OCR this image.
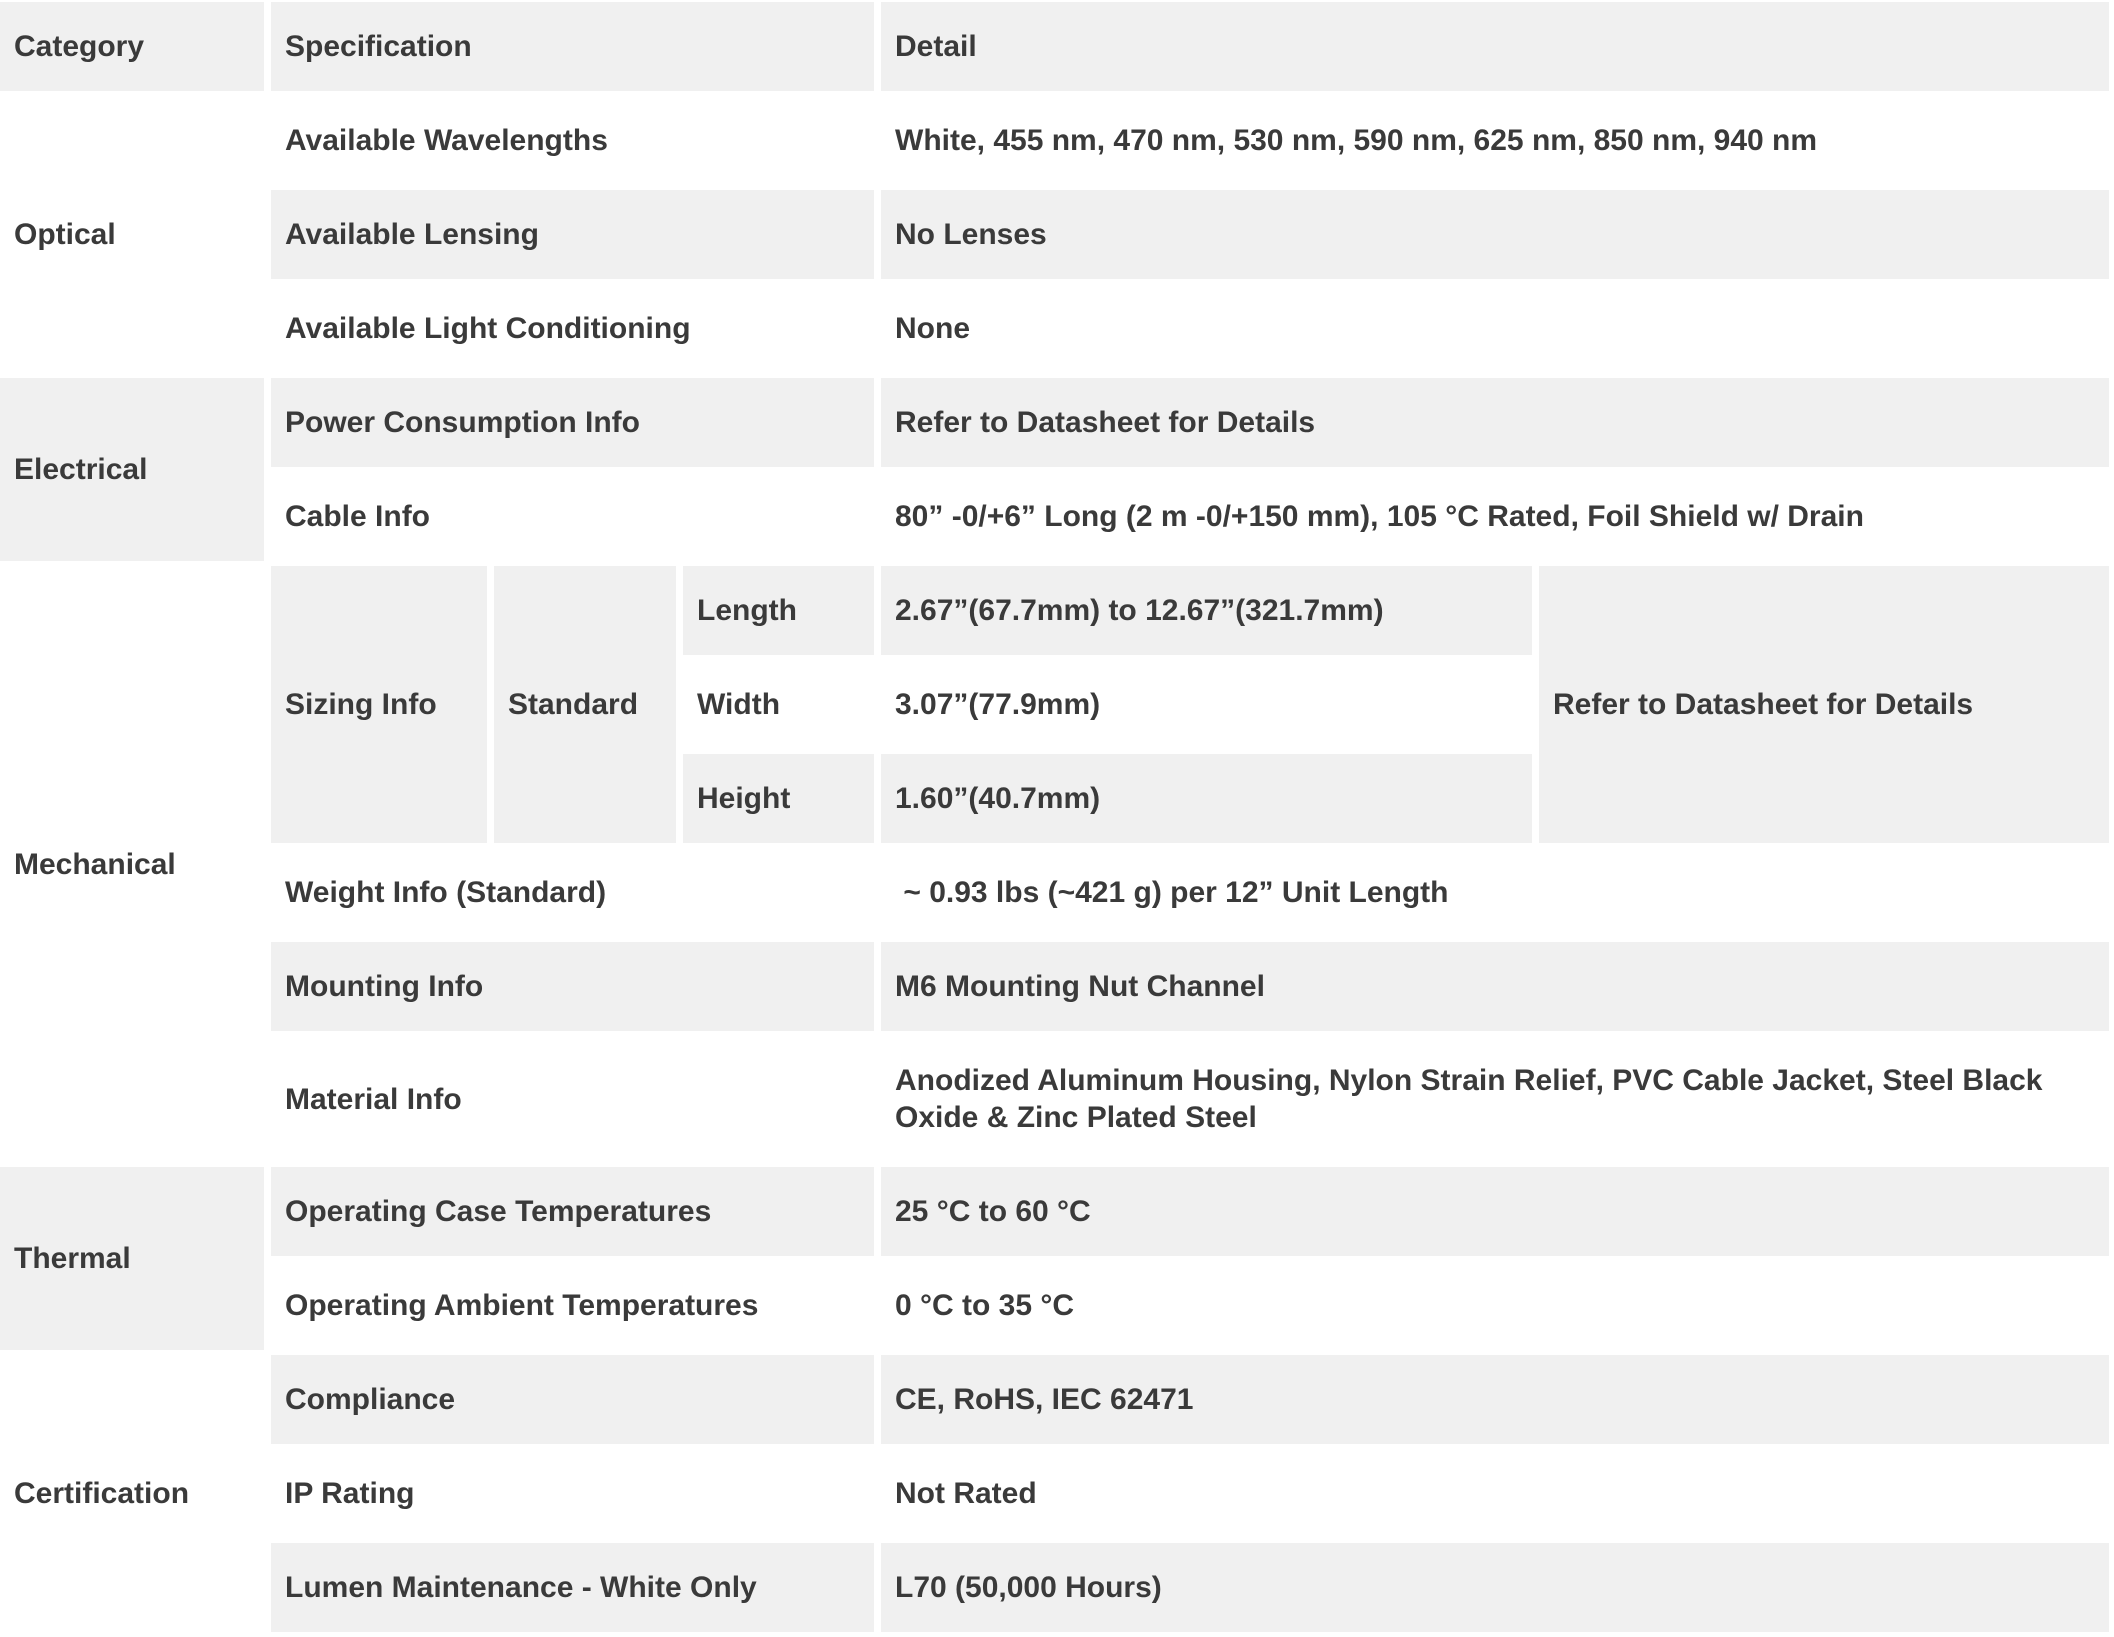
Category	Specification			Detail	
Optical	Available Wavelengths			White, 455 nm, 470 nm, 530 nm, 590 nm, 625 nm, 850 nm, 940 nm	
	Available Lensing			No Lenses	
	Available Light Conditioning			None	
Electrical	Power Consumption Info			Refer to Datasheet for Details	
	Cable Info			80” -0/+6” Long (2 m -0/+150 mm), 105 °C Rated, Foil Shield w/ Drain	
Mechanical	Sizing Info	Standard	Length	2.67”(67.7mm) to 12.67”(321.7mm)	Refer to Datasheet for Details
			Width	3.07”(77.9mm)	
			Height	1.60”(40.7mm)	
	Weight Info (Standard)			~ 0.93 lbs (~421 g) per 12” Unit Length	
	Mounting Info			M6 Mounting Nut Channel	
	Material Info			Anodized Aluminum Housing, Nylon Strain Relief, PVC Cable Jacket, Steel Black Oxide & Zinc Plated Steel	
Thermal	Operating Case Temperatures			25 °C to 60 °C	
	Operating Ambient Temperatures			0 °C to 35 °C	
Certification	Compliance			CE, RoHS, IEC 62471	
	IP Rating			Not Rated	
	Lumen Maintenance - White Only			L70 (50,000 Hours)	
